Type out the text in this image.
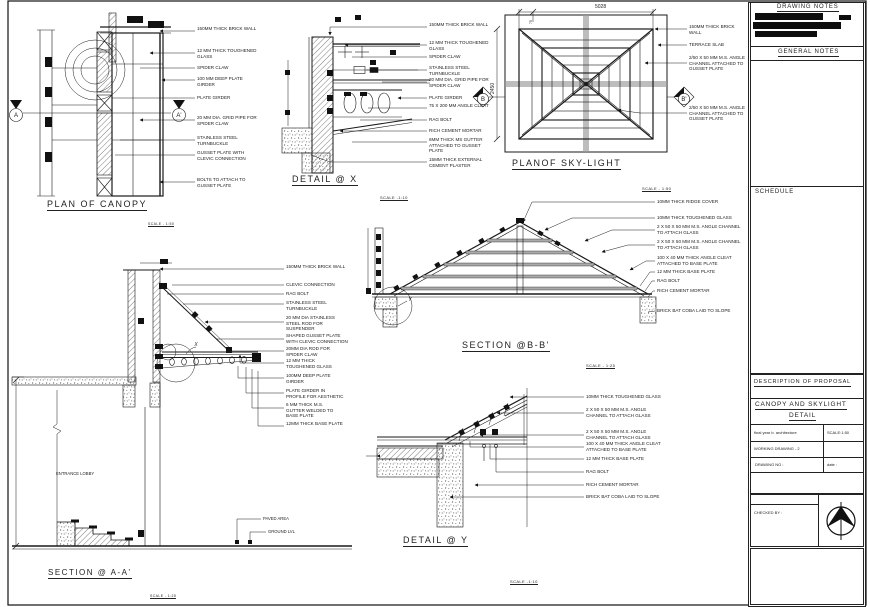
A	A'
B	B'
X
Y
150MM THICK BRICK WALL
12 MM THICK TOUGHENED GLASS
SPIDER CLAW
100 MM DEEP PLATE GIRDER
PLATE GIRDER
20 MM DIA. GRID PIPE FOR SPIDER CLAW
STAINLESS STEEL TURNBUCKLE
GUSSET PLATE WITH CLEVIC CONNECTION
BOLTS TO ATTACH TO GUSSET PLATE
PLAN OF CANOPY
SCALE - 1:50
150MM THICK BRICK WALL
12 MM THICK TOUGHENED GLASS
SPIDER CLAW
STAINLESS STEEL TURNBUCKLE
20 MM DIA. GRID PIPE FOR SPIDER CLAW
PLATE GIRDER
75 X 200 MM ANGLE CLEAT
RAG BOLT
RICH CEMENT MORTAR
6MM THICK MS GUTTER ATTACHED TO GUSSET PLATE
15MM THICK EXTERNAL CEMENT PLASTER
DETAIL @ X
SCALE -1:10
150MM THICK BRICK WALL
TERRACE SLAB
2/50 X 50 MM M.S. ANGLE CHANNEL ATTACHED TO GUSSET PLATE
2/50 X 50 MM M.S. ANGLE CHANNEL ATTACHED TO GUSSET PLATE
5028
2450
75
PLANOF SKY-LIGHT
SCALE - 1:50
10MM THICK RIDGE COVER
10MM THICK TOUGHENED GLASS
2 X 50 X 50 MM M.S. ANGLE CHANNEL TO ATTACH GLASS
2 X 50 X 50 MM M.S. ANGLE CHANNEL TO ATTACH GLASS
100 X 40 MM THICK ANGLE CLEAT ATTACHED TO BASE PLATE
12 MM THICK BASE PLATE
RAG BOLT
RICH CEMENT MORTAR
BRICK BAT COBA LAID TO SLOPE
SECTION @B-B'
SCALE - 1:25
150MM THICK BRICK WALL
CLEVIC CONNECTION
RAG BOLT
STAINLESS STEEL TURNBUCKLE
20 MM DIA STAINLESS STEEL ROD FOR SUSPENDER
SHAPED GUSSET PLATE WITH CLEVIC CONNECTION
20MM DIA ROD FOR SPIDER CLAW
12 MM THICK TOUGHENED GLASS
100MM DEEP PLATE GIRDER
PLATE GIRDER IN PROFILE FOR AESTHETIC
6 MM THICK M.S. GUTTER WELDED TO BASE PLATE
12MM THICK BASE PLATE
ENTRANCE LOBBY
PAVED AREA
GROUND LVL
SECTION @ A-A'
SCALE - 1:25
10MM THICK TOUGHENED GLASS
2 X 50 X 50 MM M.S. ANGLE CHANNEL TO ATTACH GLASS
2 X 50 X 50 MM M.S. ANGLE CHANNEL TO ATTACH GLASS
100 X 40 MM THICK ANGLE CLEAT ATTACHED TO BASE PLATE
12 MM THICK BASE PLATE
RAG BOLT
RICH CEMENT MORTAR
BRICK BAT COBA LAID TO SLOPE
DETAIL @ Y
SCALE -1:10
DRAWING NOTES
GENERAL NOTES
SCHEDULE
DESCRIPTION OF PROPOSAL
CANOPY AND SKYLIGHT
DETAIL
final year b. architecture	SCALE:1:50
WORKING DRAWING - 2
DRAWING NO :	date :
CHECKED BY :
